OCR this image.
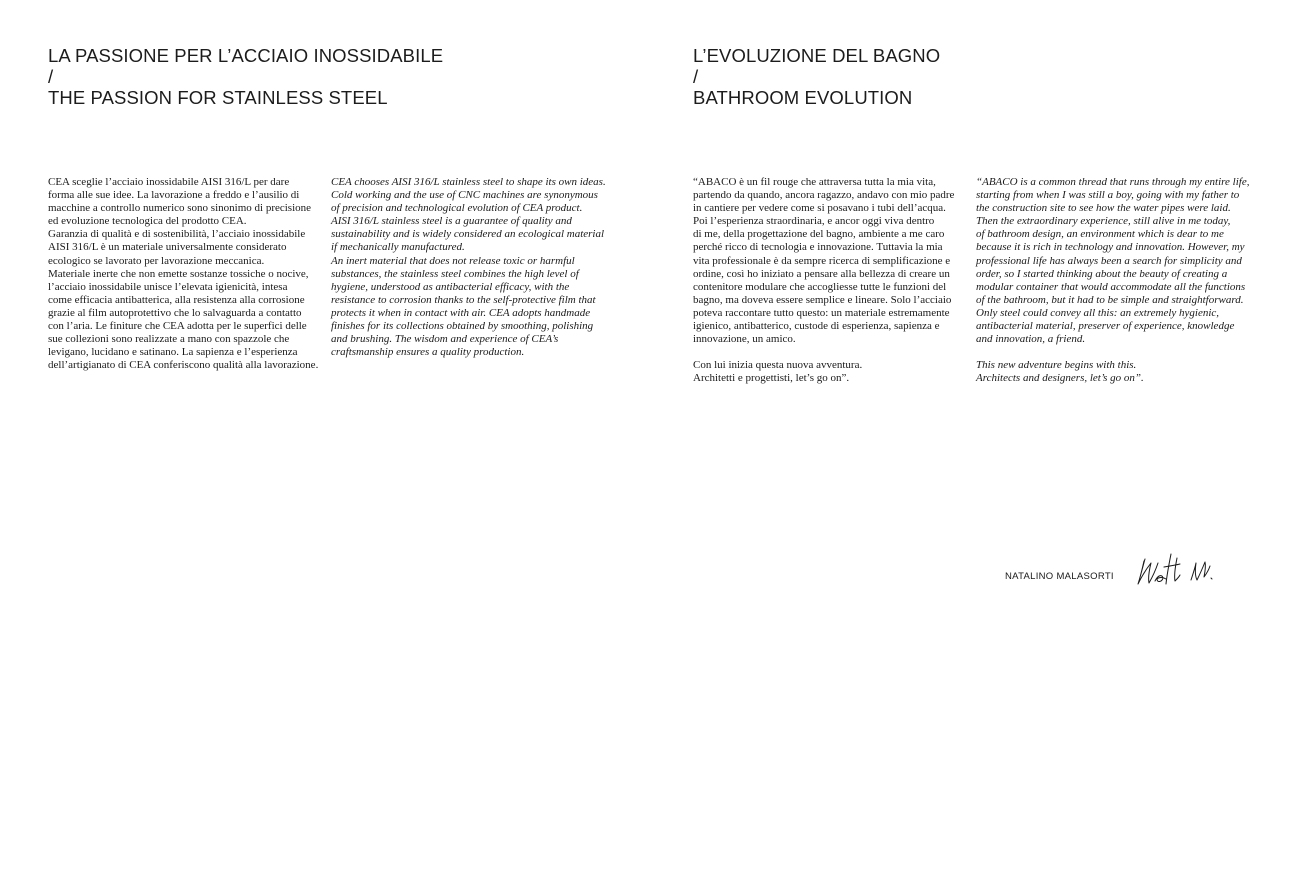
LA PASSIONE PER L’ACCIAIO INOSSIDABILE
/
THE PASSION FOR STAINLESS STEEL
L’EVOLUZIONE DEL BAGNO
/
BATHROOM EVOLUTION
CEA sceglie l’acciaio inossidabile AISI 316/L per dare
forma alle sue idee. La lavorazione a freddo e l’ausilio di
macchine a controllo numerico sono sinonimo di precisione
ed evoluzione tecnologica del prodotto CEA.
Garanzia di qualità e di sostenibilità, l’acciaio inossidabile
AISI 316/L è un materiale universalmente considerato
ecologico se lavorato per lavorazione meccanica.
Materiale inerte che non emette sostanze tossiche o nocive,
l’acciaio inossidabile unisce l’elevata igienicità, intesa
come efficacia antibatterica, alla resistenza alla corrosione
grazie al film autoprotettivo che lo salvaguarda a contatto
con l’aria. Le finiture che CEA adotta per le superfici delle
sue collezioni sono realizzate a mano con spazzole che
levigano, lucidano e satinano. La sapienza e l’esperienza
dell’artigianato di CEA conferiscono qualità alla lavorazione.
CEA chooses AISI 316/L stainless steel to shape its own ideas.
Cold working and the use of CNC machines are synonymous
of precision and technological evolution of CEA product.
AISI 316/L stainless steel is a guarantee of quality and
sustainability and is widely considered an ecological material
if mechanically manufactured.
An inert material that does not release toxic or harmful
substances, the stainless steel combines the high level of
hygiene, understood as antibacterial efficacy, with the
resistance to corrosion thanks to the self-protective film that
protects it when in contact with air. CEA adopts handmade
finishes for its collections obtained by smoothing, polishing
and brushing. The wisdom and experience of CEA’s
craftsmanship ensures a quality production.
“ABACO è un fil rouge che attraversa tutta la mia vita,
partendo da quando, ancora ragazzo, andavo con mio padre
in cantiere per vedere come si posavano i tubi dell’acqua.
Poi l’esperienza straordinaria, e ancor oggi viva dentro
di me, della progettazione del bagno, ambiente a me caro
perché ricco di tecnologia e innovazione. Tuttavia la mia
vita professionale è da sempre ricerca di semplificazione e
ordine, così ho iniziato a pensare alla bellezza di creare un
contenitore modulare che accogliesse tutte le funzioni del
bagno, ma doveva essere semplice e lineare. Solo l’acciaio
poteva raccontare tutto questo: un materiale estremamente
igienico, antibatterico, custode di esperienza, sapienza e
innovazione, un amico.
Con lui inizia questa nuova avventura.
Architetti e progettisti, let’s go on”.
“ABACO is a common thread that runs through my entire life,
starting from when I was still a boy, going with my father to
the construction site to see how the water pipes were laid.
Then the extraordinary experience, still alive in me today,
of bathroom design, an environment which is dear to me
because it is rich in technology and innovation. However, my
professional life has always been a search for simplicity and
order, so I started thinking about the beauty of creating a
modular container that would accommodate all the functions
of the bathroom, but it had to be simple and straightforward.
Only steel could convey all this: an extremely hygienic,
antibacterial material, preserver of experience, knowledge
and innovation, a friend.
This new adventure begins with this.
Architects and designers, let’s go on”.
NATALINO MALASORTI
